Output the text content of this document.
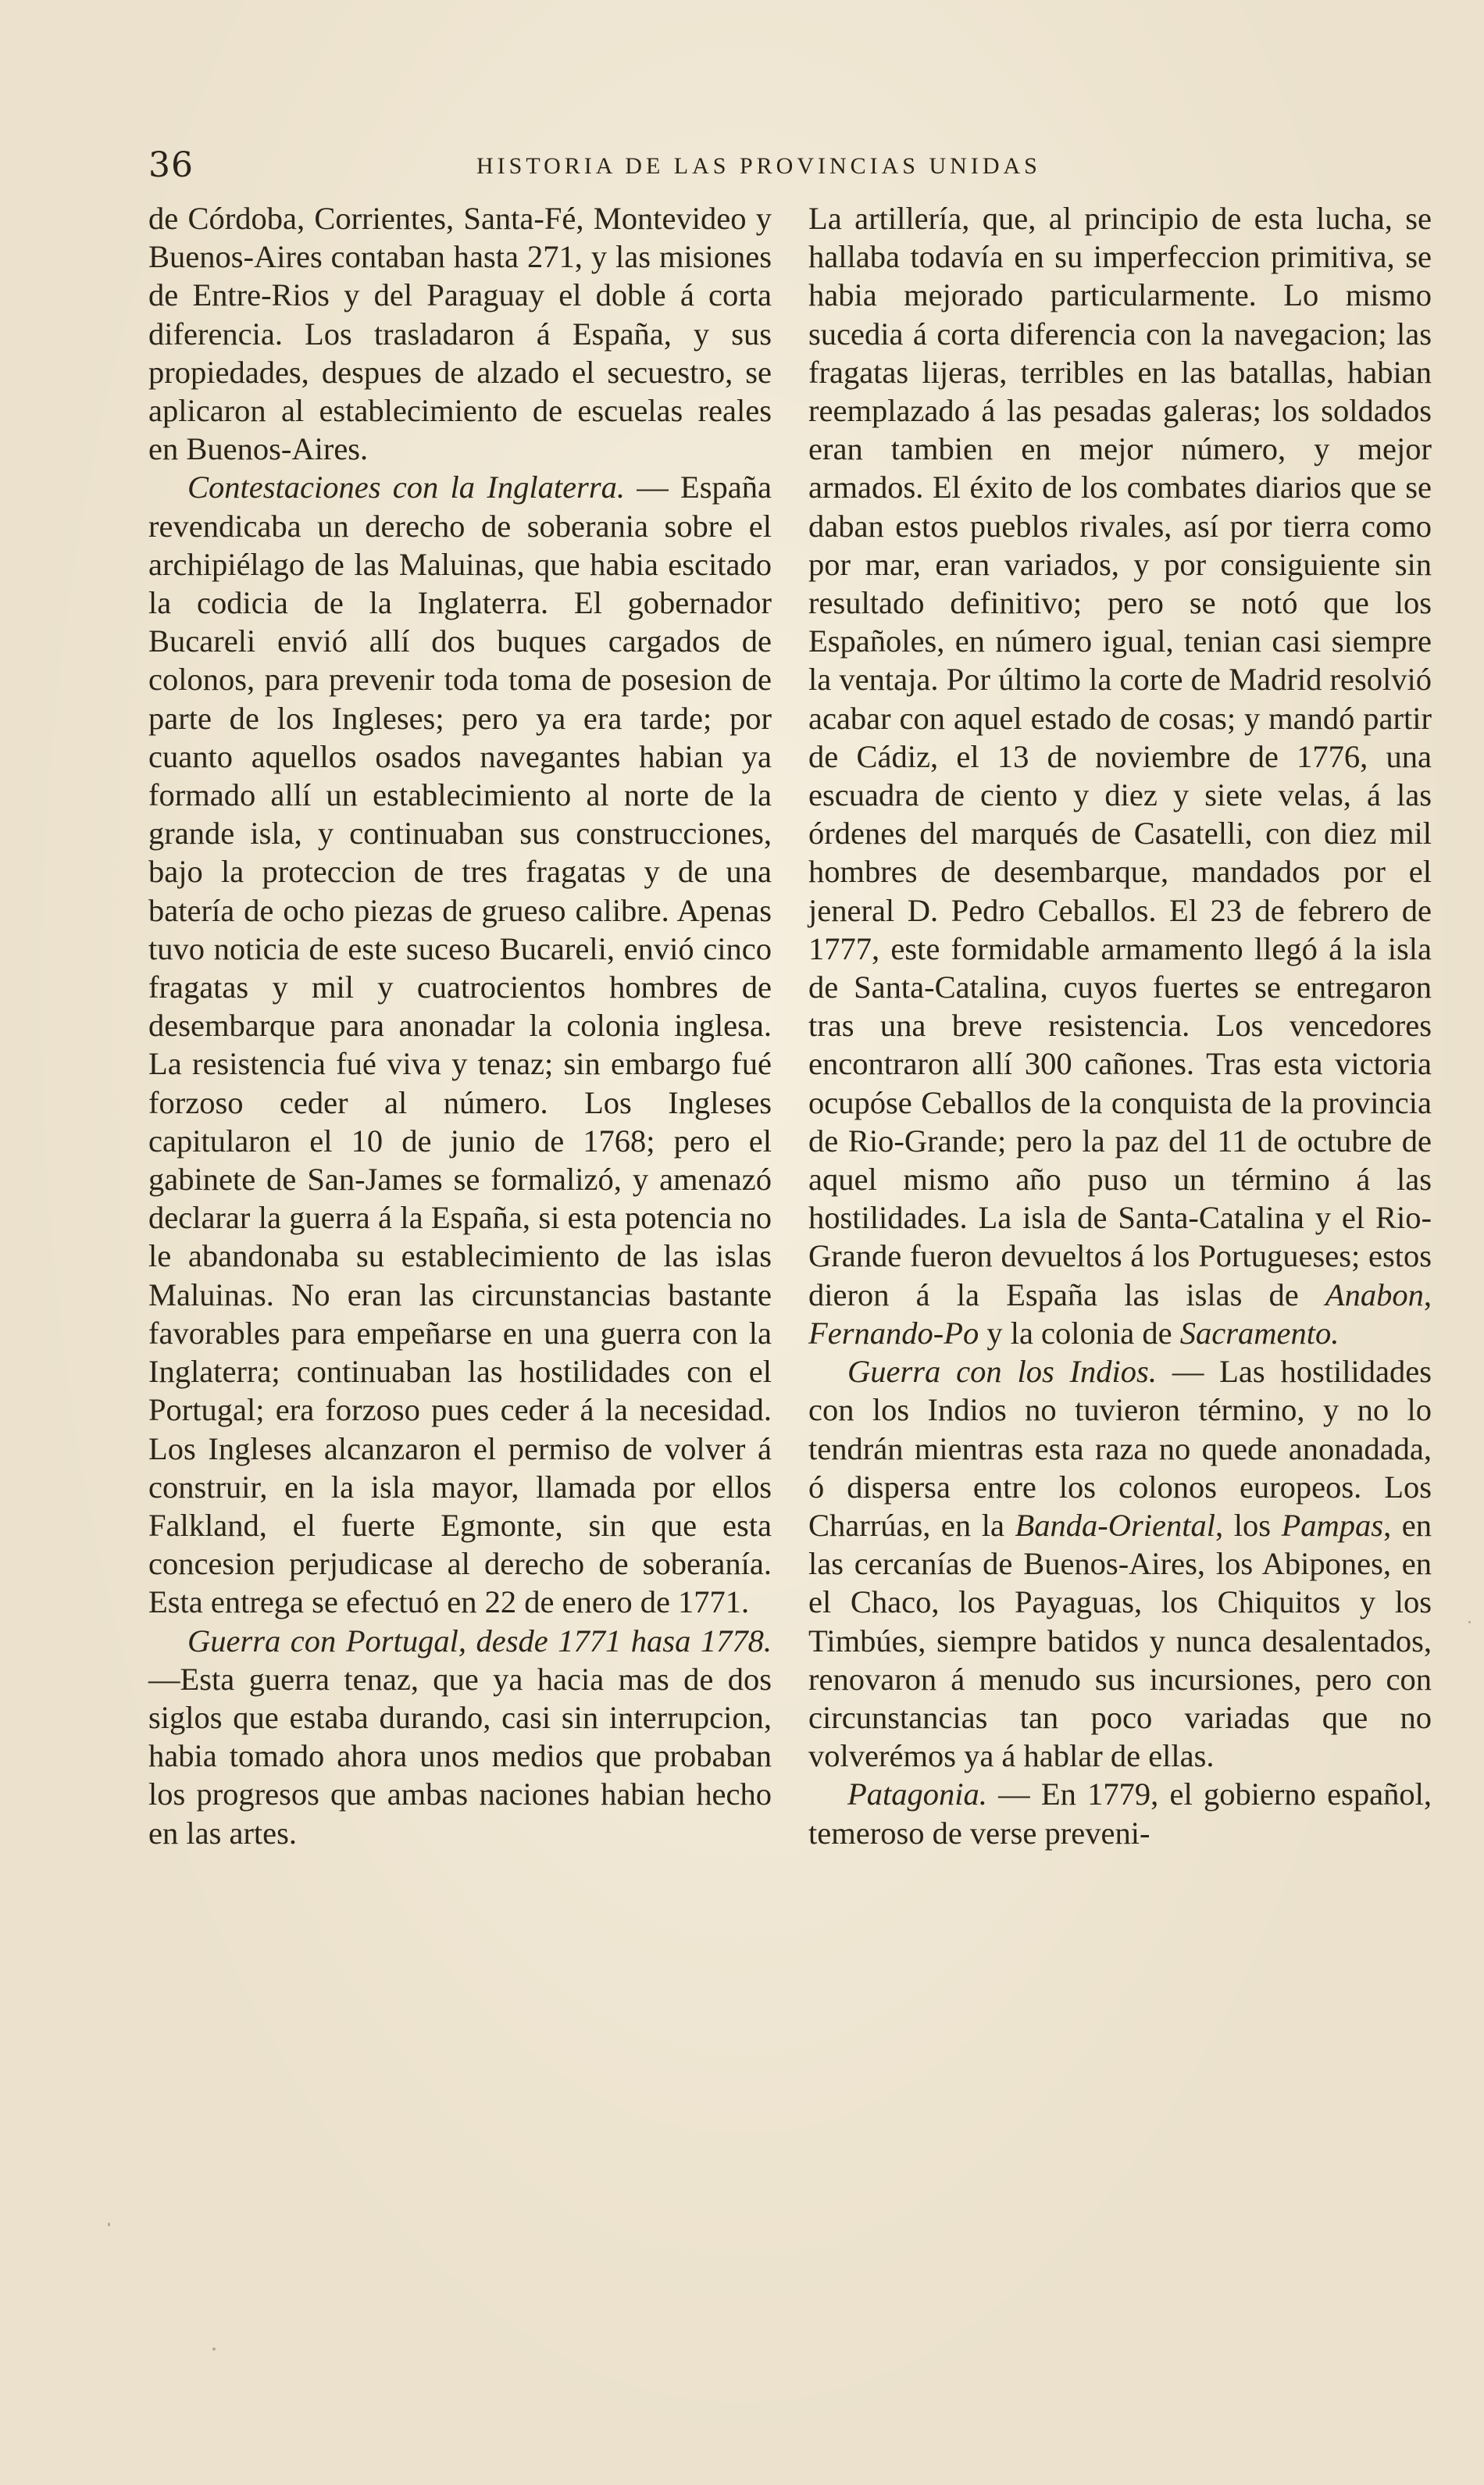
36	HISTORIA DE LAS PROVINCIAS UNIDAS

de Córdoba, Corrientes, Santa-Fé, Montevideo y Buenos-Aires contaban hasta 271, y las misiones de Entre-Rios y del Paraguay el doble á corta diferencia. Los trasladaron á España, y sus propiedades, despues de alzado el secuestro, se aplicaron al establecimiento de escuelas reales en Buenos-Aires.

Contestaciones con la Inglaterra. — España revendicaba un derecho de soberania sobre el archipiélago de las Maluinas, que habia escitado la codicia de la Inglaterra. El gobernador Bucareli envió allí dos buques cargados de colonos, para prevenir toda toma de posesion de parte de los Ingleses; pero ya era tarde; por cuanto aquellos osados navegantes habian ya formado allí un establecimiento al norte de la grande isla, y continuaban sus construcciones, bajo la proteccion de tres fragatas y de una batería de ocho piezas de grueso calibre. Apenas tuvo noticia de este suceso Bucareli, envió cinco fragatas y mil y cuatrocientos hombres de desembarque para anonadar la colonia inglesa. La resistencia fué viva y tenaz; sin embargo fué forzoso ceder al número. Los Ingleses capitularon el 10 de junio de 1768; pero el gabinete de San-James se formalizó, y amenazó declarar la guerra á la España, si esta potencia no le abandonaba su establecimiento de las islas Maluinas. No eran las circunstancias bastante favorables para empeñarse en una guerra con la Inglaterra; continuaban las hostilidades con el Portugal; era forzoso pues ceder á la necesidad. Los Ingleses alcanzaron el permiso de volver á construir, en la isla mayor, llamada por ellos Falkland, el fuerte Egmonte, sin que esta concesion perjudicase al derecho de soberanía. Esta entrega se efectuó en 22 de enero de 1771.

Guerra con Portugal, desde 1771 hasa 1778. —Esta guerra tenaz, que ya hacia mas de dos siglos que estaba durando, casi sin interrupcion, habia tomado ahora unos medios que probaban los progresos que ambas naciones habian hecho en las artes.

La artillería, que, al principio de esta lucha, se hallaba todavía en su imperfeccion primitiva, se habia mejorado particularmente. Lo mismo sucedia á corta diferencia con la navegacion; las fragatas lijeras, terribles en las batallas, habian reemplazado á las pesadas galeras; los soldados eran tambien en mejor número, y mejor armados. El éxito de los combates diarios que se daban estos pueblos rivales, así por tierra como por mar, eran variados, y por consiguiente sin resultado definitivo; pero se notó que los Españoles, en número igual, tenian casi siempre la ventaja. Por último la corte de Madrid resolvió acabar con aquel estado de cosas; y mandó partir de Cádiz, el 13 de noviembre de 1776, una escuadra de ciento y diez y siete velas, á las órdenes del marqués de Casatelli, con diez mil hombres de desembarque, mandados por el jeneral D. Pedro Ceballos. El 23 de febrero de 1777, este formidable armamento llegó á la isla de Santa-Catalina, cuyos fuertes se entregaron tras una breve resistencia. Los vencedores encontraron allí 300 cañones. Tras esta victoria ocupóse Ceballos de la conquista de la provincia de Rio-Grande; pero la paz del 11 de octubre de aquel mismo año puso un término á las hostilidades. La isla de Santa-Catalina y el Rio-Grande fueron devueltos á los Portugueses; estos dieron á la España las islas de Anabon, Fernando-Po y la colonia de Sacramento.

Guerra con los Indios. — Las hostilidades con los Indios no tuvieron término, y no lo tendrán mientras esta raza no quede anonadada, ó dispersa entre los colonos europeos. Los Charrúas, en la Banda-Oriental, los Pampas, en las cercanías de Buenos-Aires, los Abipones, en el Chaco, los Payaguas, los Chiquitos y los Timbúes, siempre batidos y nunca desalentados, renovaron á menudo sus incursiones, pero con circunstancias tan poco variadas que no volverémos ya á hablar de ellas.

Patagonia. — En 1779, el gobierno español, temeroso de verse preveni-
